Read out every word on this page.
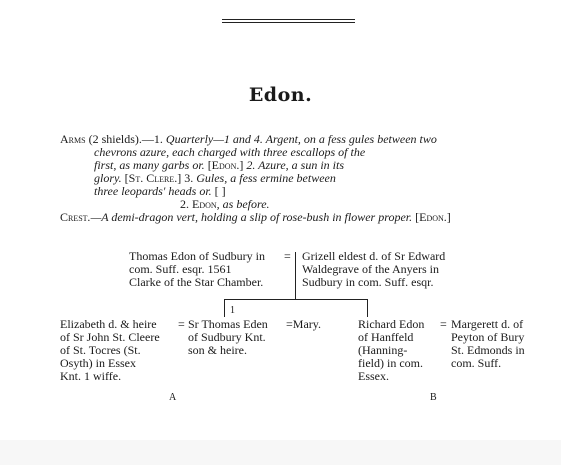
Edon.
Arms (2 shields).—1. Quarterly—1 and 4. Argent, on a fess gules between two
chevrons azure, each charged with three escallops of the
first, as many garbs or. [Edon.] 2. Azure, a sun in its
glory. [St. Clere.] 3. Gules, a fess ermine between
three leopards' heads or. [ ]
2. Edon, as before.
Crest.—A demi-dragon vert, holding a slip of rose-bush in flower proper. [Edon.]
Thomas Edon of Sudbury in
com. Suff. esqr. 1561
Clarke of the Star Chamber.
= Grizell eldest d. of Sr Edward
Waldegrave of the Anyers in
Sudbury in com. Suff. esqr.
1
Elizabeth d. & heire
of Sr John St. Cleere
of St. Tocres (St.
Osyth) in Essex
Knt. 1 wiffe.
= Sr Thomas Eden
of Sudbury Knt.
son & heire.
=Mary.	Richard Edon
of Hanffeld
(Hanning-
field) in com.
Essex.
= Margerett d. of
Peyton of Bury
St. Edmonds in
com. Suff.
A	B
